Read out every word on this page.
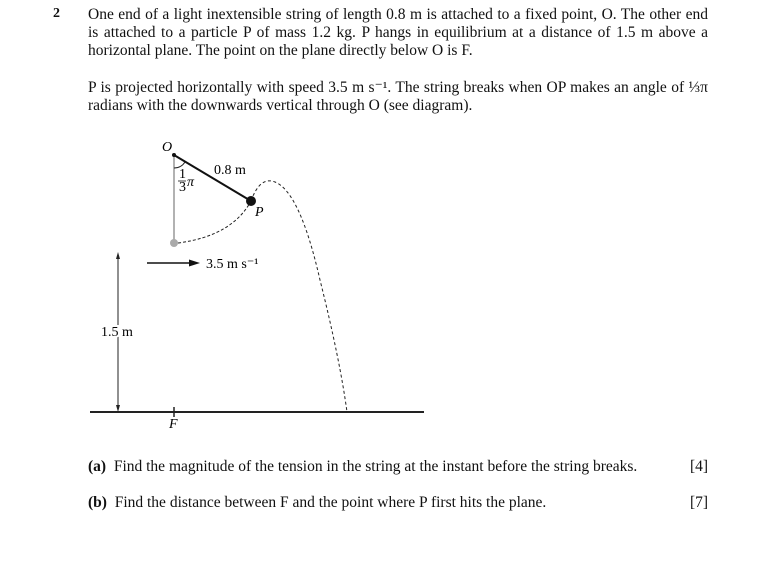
2 One end of a light inextensible string of length 0.8 m is attached to a fixed point, O. The other end is attached to a particle P of mass 1.2 kg. P hangs in equilibrium at a distance of 1.5 m above a horizontal plane. The point on the plane directly below O is F.
P is projected horizontally with speed 3.5 m s⁻¹. The string breaks when OP makes an angle of ⅓π radians with the downwards vertical through O (see diagram).
O
P
F
0.8 m
1
3 π
3.5 m s⁻¹
1.5 m
(a) Find the magnitude of the tension in the string at the instant before the string breaks.	[4]
(b) Find the distance between F and the point where P first hits the plane.	[7]
